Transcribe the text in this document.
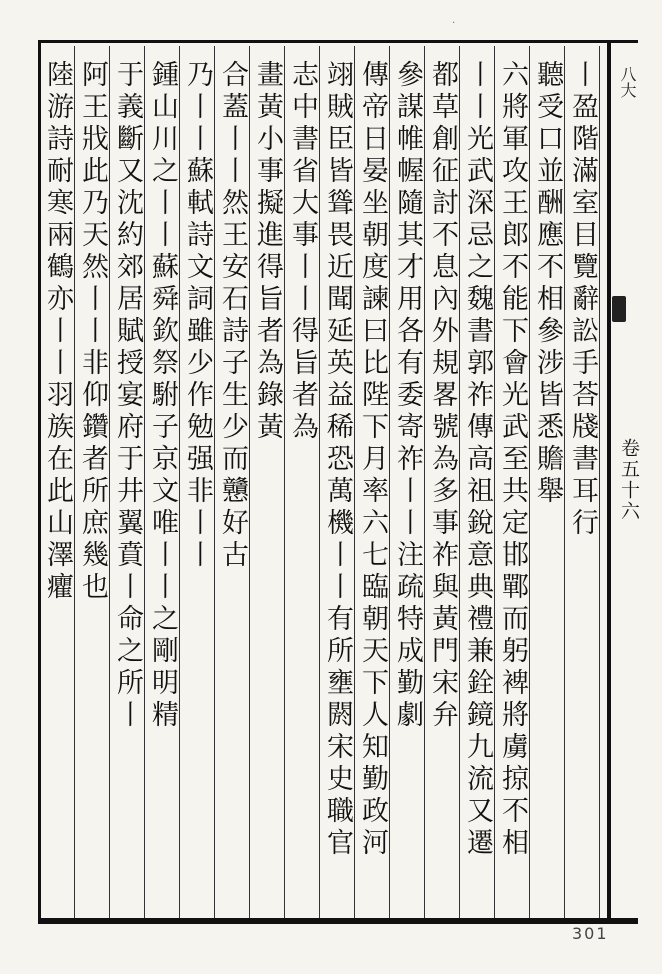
·
八大
卷五十六
丨盈階滿室目覽辭訟手荅牋書耳行
聽受口並酬應不相參涉皆悉贍舉
六將軍攻王郎不能下會光武至共定邯鄲而躬裨將虜掠不相
丨丨光武深忌之魏書郭祚傳高祖銳意典禮兼銓鏡九流又遷
都草創征討不息內外規畧號為多事祚與黃門宋弁
參謀帷幄隨其才用各有委寄祚丨丨注疏特成勤劇
傳帝日晏坐朝度諫曰比陛下月率六七臨朝天下人知勤政河
翊賊臣皆聳畏近聞延英益稀恐萬機丨丨有所壅閼宋史職官
志中書省大事丨丨得旨者為
畫黃小事擬進得旨者為錄黃
合蓋丨丨然王安石詩子生少而戇好古
乃丨丨蘇軾詩文詞雖少作勉强非丨丨
鍾山川之丨丨蘇舜欽祭駙子京文唯丨丨之剛明精
于義斷又沈約郊居賦授宴府于井翼賁丨命之所丨
阿王戕此乃天然丨丨非仰鑽者所庶幾也
陸游詩耐寒兩鶴亦丨丨羽族在此山澤癯
301
